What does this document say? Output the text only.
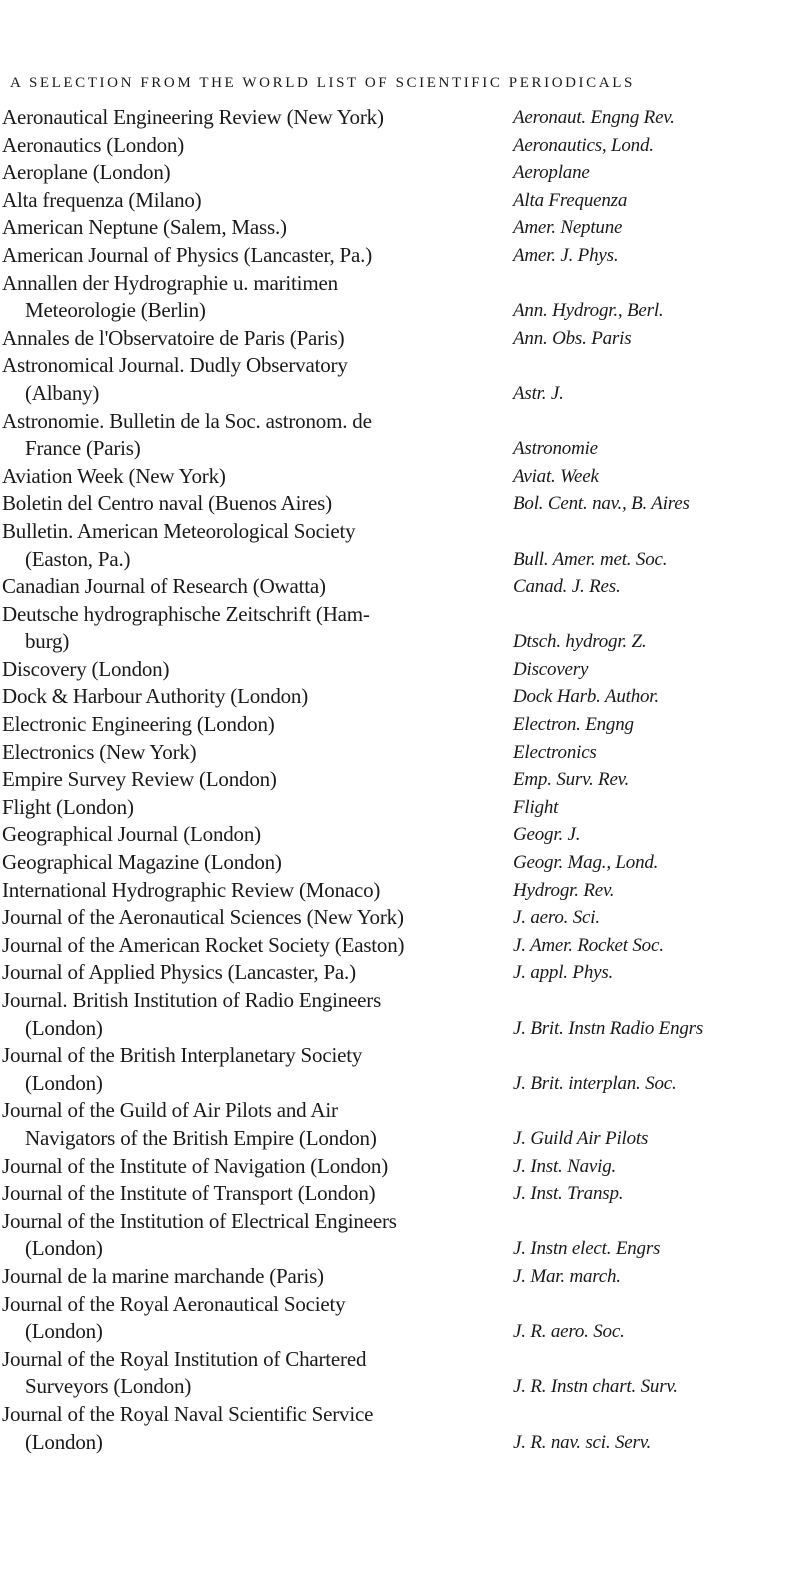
A SELECTION FROM THE WORLD LIST OF SCIENTIFIC PERIODICALS
Aeronautical Engineering Review (New York)	Aeronaut. Engng Rev.
Aeronautics (London)	Aeronautics, Lond.
Aeroplane (London)	Aeroplane
Alta frequenza (Milano)	Alta Frequenza
American Neptune (Salem, Mass.)	Amer. Neptune
American Journal of Physics (Lancaster, Pa.)	Amer. J. Phys.
Annallen der Hydrographie u. maritimen
Meteorologie (Berlin)	Ann. Hydrogr., Berl.
Annales de l'Observatoire de Paris (Paris)	Ann. Obs. Paris
Astronomical Journal. Dudly Observatory
(Albany)	Astr. J.
Astronomie. Bulletin de la Soc. astronom. de
France (Paris)	Astronomie
Aviation Week (New York)	Aviat. Week
Boletin del Centro naval (Buenos Aires)	Bol. Cent. nav., B. Aires
Bulletin. American Meteorological Society
(Easton, Pa.)	Bull. Amer. met. Soc.
Canadian Journal of Research (Owatta)	Canad. J. Res.
Deutsche hydrographische Zeitschrift (Ham-
burg)	Dtsch. hydrogr. Z.
Discovery (London)	Discovery
Dock & Harbour Authority (London)	Dock Harb. Author.
Electronic Engineering (London)	Electron. Engng
Electronics (New York)	Electronics
Empire Survey Review (London)	Emp. Surv. Rev.
Flight (London)	Flight
Geographical Journal (London)	Geogr. J.
Geographical Magazine (London)	Geogr. Mag., Lond.
International Hydrographic Review (Monaco)	Hydrogr. Rev.
Journal of the Aeronautical Sciences (New York)	J. aero. Sci.
Journal of the American Rocket Society (Easton)	J. Amer. Rocket Soc.
Journal of Applied Physics (Lancaster, Pa.)	J. appl. Phys.
Journal. British Institution of Radio Engineers
(London)	J. Brit. Instn Radio Engrs
Journal of the British Interplanetary Society
(London)	J. Brit. interplan. Soc.
Journal of the Guild of Air Pilots and Air
Navigators of the British Empire (London)	J. Guild Air Pilots
Journal of the Institute of Navigation (London)	J. Inst. Navig.
Journal of the Institute of Transport (London)	J. Inst. Transp.
Journal of the Institution of Electrical Engineers
(London)	J. Instn elect. Engrs
Journal de la marine marchande (Paris)	J. Mar. march.
Journal of the Royal Aeronautical Society
(London)	J. R. aero. Soc.
Journal of the Royal Institution of Chartered
Surveyors (London)	J. R. Instn chart. Surv.
Journal of the Royal Naval Scientific Service
(London)	J. R. nav. sci. Serv.
